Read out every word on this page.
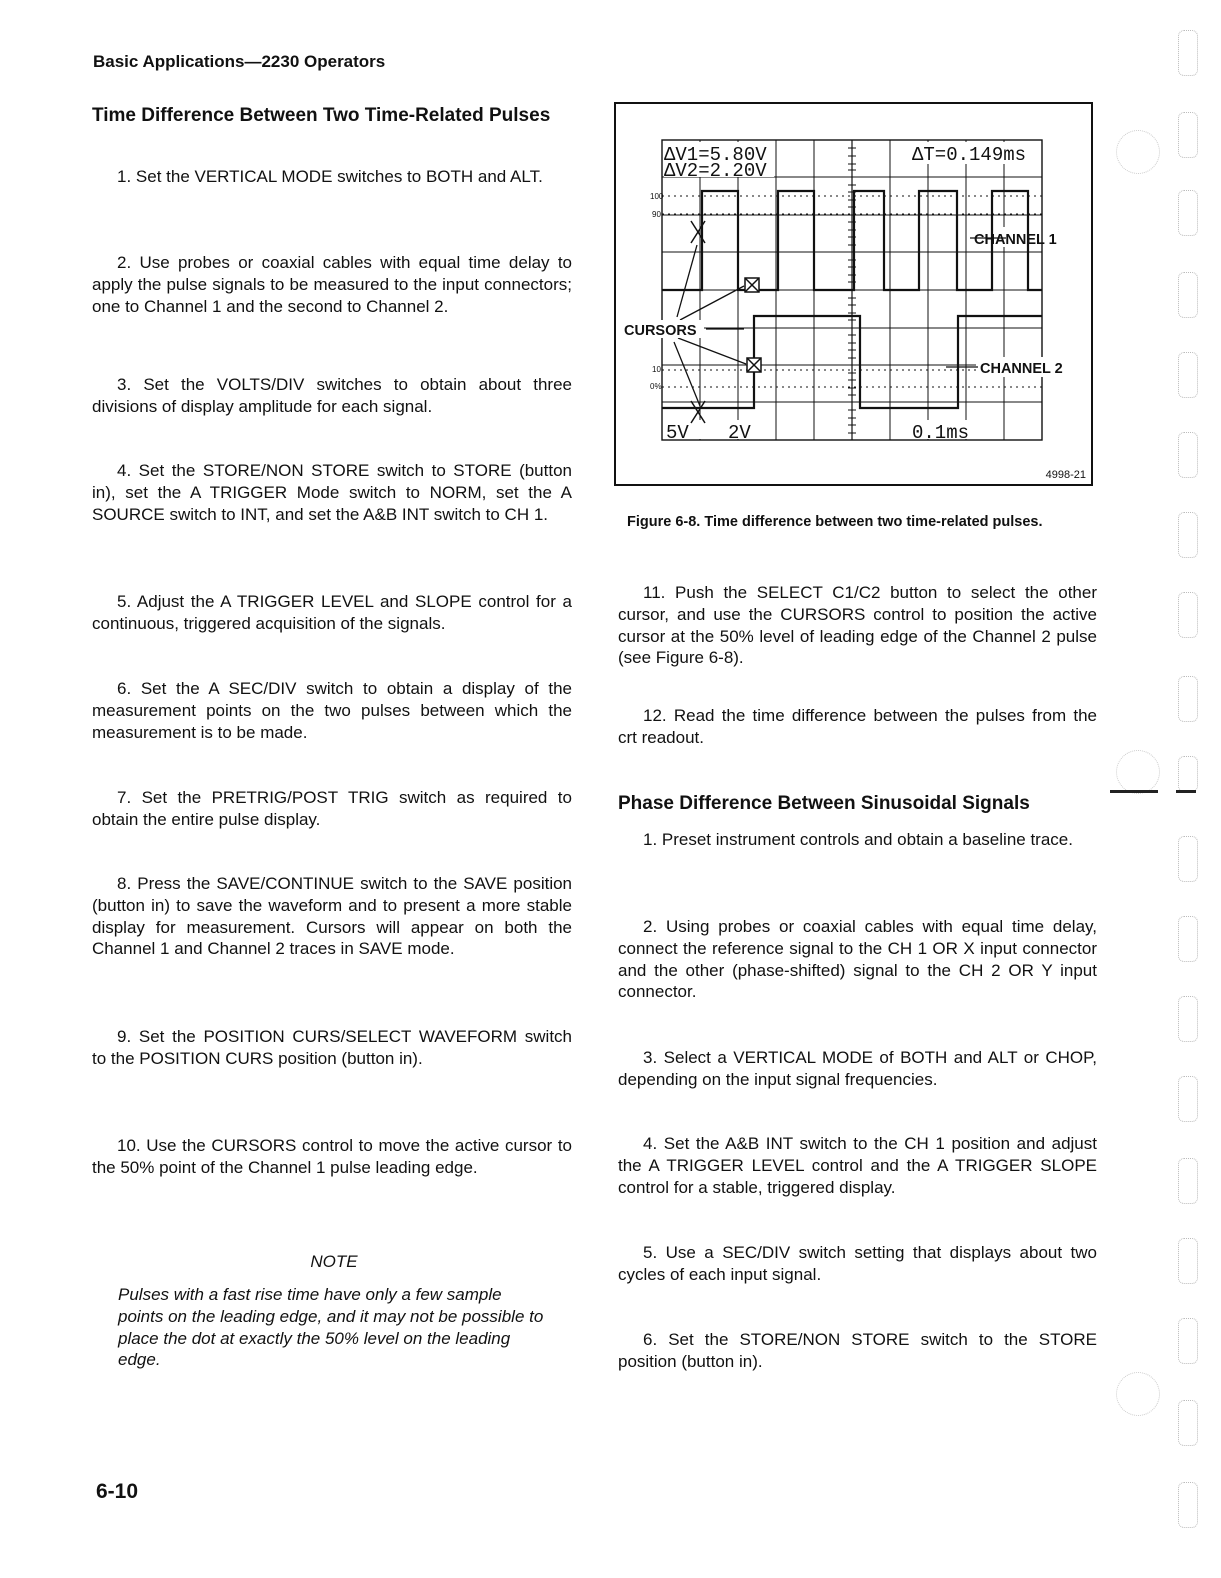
Basic Applications—2230 Operators
Time Difference Between Two Time-Related Pulses
1. Set the VERTICAL MODE switches to BOTH and ALT.
2. Use probes or coaxial cables with equal time delay to apply the pulse signals to be measured to the input connectors; one to Channel 1 and the second to Channel 2.
3. Set the VOLTS/DIV switches to obtain about three divisions of display amplitude for each signal.
4. Set the STORE/NON STORE switch to STORE (button in), set the A TRIGGER Mode switch to NORM, set the A SOURCE switch to INT, and set the A&B INT switch to CH 1.
5. Adjust the A TRIGGER LEVEL and SLOPE control for a continuous, triggered acquisition of the signals.
6. Set the A SEC/DIV switch to obtain a display of the measurement points on the two pulses between which the measurement is to be made.
7. Set the PRETRIG/POST TRIG switch as required to obtain the entire pulse display.
8. Press the SAVE/CONTINUE switch to the SAVE position (button in) to save the waveform and to present a more stable display for measurement. Cursors will appear on both the Channel 1 and Channel 2 traces in SAVE mode.
9. Set the POSITION CURS/SELECT WAVEFORM switch to the POSITION CURS position (button in).
10. Use the CURSORS control to move the active cursor to the 50% point of the Channel 1 pulse leading edge.
NOTE
Pulses with a fast rise time have only a few sample points on the leading edge, and it may not be possible to place the dot at exactly the 50% level on the leading edge.
6-10
ΔV1=5.80V
ΔV2=2.20V
ΔT=0.149ms
5V 2V	0.1ms
100
90
10
0%
CHANNEL 1
CHANNEL 2
CURSORS
4998-21
Figure 6-8. Time difference between two time-related pulses.
11. Push the SELECT C1/C2 button to select the other cursor, and use the CURSORS control to position the active cursor at the 50% level of leading edge of the Channel 2 pulse (see Figure 6-8).
12. Read the time difference between the pulses from the crt readout.
Phase Difference Between Sinusoidal Signals
1. Preset instrument controls and obtain a baseline trace.
2. Using probes or coaxial cables with equal time delay, connect the reference signal to the CH 1 OR X input connector and the other (phase-shifted) signal to the CH 2 OR Y input connector.
3. Select a VERTICAL MODE of BOTH and ALT or CHOP, depending on the input signal frequencies.
4. Set the A&B INT switch to the CH 1 position and adjust the A TRIGGER LEVEL control and the A TRIGGER SLOPE control for a stable, triggered display.
5. Use a SEC/DIV switch setting that displays about two cycles of each input signal.
6. Set the STORE/NON STORE switch to the STORE position (button in).
